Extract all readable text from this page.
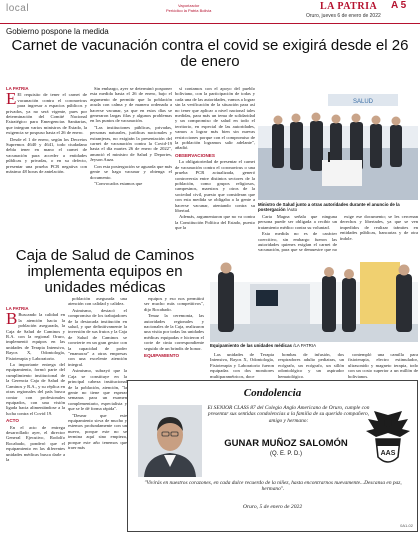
local	Vaporizador
Periódico la Patria Bolivia	LA PATRIA A 5
Oruro, jueves 6 de enero de 2022
Gobierno pospone la medida
Carnet de vacunación contra el covid se exigirá desde el 26 de enero

LA PATRIA

E El requisito de tener el carnet de vacunación contra el coronavirus para ingresar a espacios públicos y privados, ya no será vigente, pues por determinación del Comité Nacional Estratégico para Emergencias Sanitarias, que integran varios ministros de Estado, la exigencia se pospuso hasta el 26 de enero.

Desde el 1 de enero, según los Decretos Supremos 4640 y 4641, todo ciudadano debía tener en mano el carnet de vacunación para acceder a entidades públicas y privadas, o en su defecto, presentar una prueba PCR negativa con máximo 48 horas de antelación.

Sin embargo, ayer se determinó posponer esta medida hasta el 26 de enero, bajo el argumento de permitir que la población acuda con calma y de manera ordenada a hacerse vacunar, ya que en estos días se generaron largas filas y algunos problemas en los puntos de vacunación.

"Las instituciones públicas, privadas, personas naturales, jurídicas nacionales y extranjeras, no exigirán la presentación del carnet de vacunación contra la Covid-19 hasta el día martes 26 de enero de 2022", anunció el ministro de Salud y Deportes, Jeyson Auza.

Con esta postergación se aguarda que más gente se haga vacunar y obtenga el documento.

"Convocados estamos que

sí contamos con el apoyo del pueblo boliviano, con la participación de todas y cada una de las autoridades, vamos a lograr sin la verificación de la situación para así no tener que aplicar a nivel nacional tales medidas, para más un tema de solidaridad y un compromiso de salud en todo el territorio, en especial de las autoridades, vamos a lograr más bien sin nuevas restricciones porque con el compromiso de la población logramos salir adelante", añadió.

OBSERVACIONES

La obligatoriedad de presentar el carnet de vacunación contra el coronavirus o una prueba PCR actualizada, generó controversia entre distintos sectores de la población, como grupos religiosos, campesinos, maestros y otros de la sociedad civil, puesto que consideran que con esta medida se obligaba a la gente a hacerse vacunar, atentando contra su libertad.

Además, argumentaron que no va contra la Constitución Política del Estado, puesto que la

SALUD
Ministro de Salud junto a otras autoridades durante el anuncio de la postergación /Auto

Carta Magna señala que ninguna persona puede ser obligada a recibir un tratamiento médico contra su voluntad.

Esta medida no es de carácter coercitivo, sin embargo fueron las autoridades quienes exigían el carnet de vacunación, para que se demuestre que no

exige ese documento; se les cercenan derechos y libertades, ya que se ven impedidos de realizar trámites en entidades públicas, bancarias y de otra índole.

Caja de Salud de Caminos implementa equipos en unidades médicas

LA PATRIA

B Buscando la calidad en la atención hacia la población asegurada, la Caja de Salud de Caminos y R.A. con la regional Oruro, implementó equipos en las unidades de Terapia Intensiva, Rayos X, Odontología, Fisioterapia y Laboratorio.

La importante entrega del equipamiento, formó parte del cumplimiento institucional de la Gerencia Caja de Salud de Caminos y R.A., y su réplica en otras regionales del país busca contar con profesionales equipados, con una visión ligada hacia alimentándose a la lucha contra el Covid 19.

ACTO

En el acto de entrega desarrollado ayer, el director General Ejecutivo, Rodolfo Rocabado, ponderó que el equipamiento en las diferentes unidades médicas busca darle a la

población asegurada una atención con calidad y calidez.

Asimismo, destacó el compromiso de los trabajadores de la destacada institución en salud, y que definitivamente la inversión de sus frutos y la Caja de Salud de Caminos se convierte en un gran gestor con la capacidad de poder "enamorar" a otras empresas con una excelente atención integral.

Asimismo, subrayó que la Caja se constituye en la principal cabeza institucional de la población, atención, "la gente no tiene que esperar semanas para un examen complementario, especialista y que se le dé forma rápida".

"Desear que este equipamiento sirva de mucho y estemos profundamente con un nuevo, porque este no se termina aquí sino empieza, porque este año tenemos que traer más

equipos y eso nos permitirá ser mucho más competitivos", dijo Rocabado.

Tenaz la ceremonia, las autoridades regionales y nacionales de la Caja, realizaron una visita por todas las unidades médicas equipadas e hicieron el corte de cinta correspondiente seguido de un brindis de honor.

EQUIPAMIENTO

Equipamiento de las unidades médicas /LA PATRIA

Las unidades de Terapia Intensiva, Rayos X, Odontología, Fisioterapia y Laboratorio fueron equipadas con dos monitores multiparamétricos, doce

bombas de infusión, dos respiradores adulto pediatras, un ecógrafo, un ecógrafo, un sillón odontológico y un aspirador hematológico.

contempló una camilla para fisioterapia, electro estimulador, ultrasonido y magneto terapia, todo con un costo superior a un millón de bolivianos.

Condolencia
El SENIOR CLASS 87 del Colegio Anglo Americano de Oruro, cumple con presentar sus sentidas condolencias a la familia de su querido compañero, amigo y hermano:
GUNAR MUÑOZ SALOMÓN
(Q. E. P. D.)	AAS
"Vivirás en nuestros corazones, en cada dulce recuerdo de la niñez, hasta encontrarnos nuevamente...Descansa en paz, hermano".
Oruro, 5 de enero de 2022
0A1-02
